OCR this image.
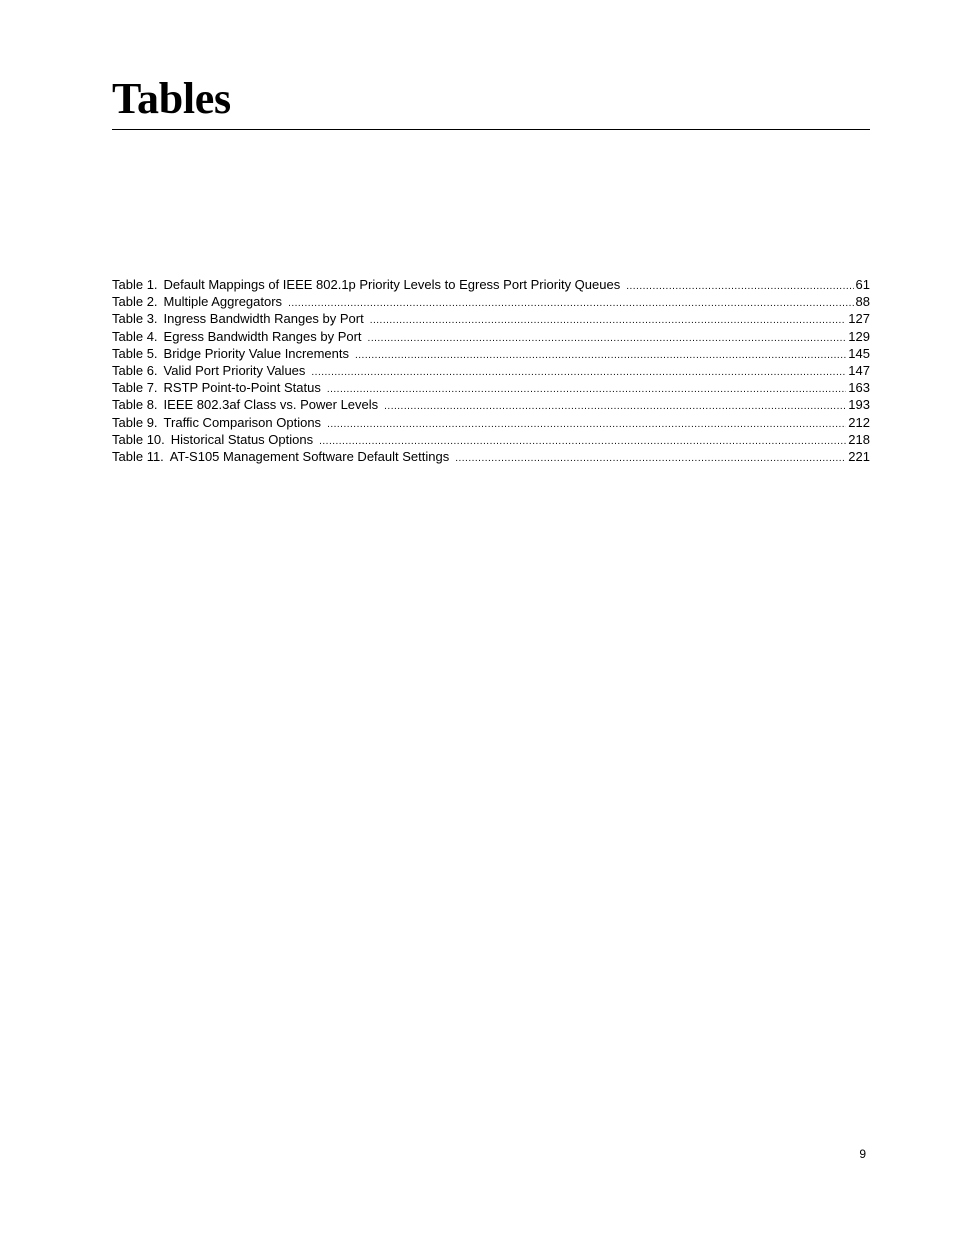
Tables
Table 1. Default Mappings of IEEE 802.1p Priority Levels to Egress Port Priority Queues .....	61
Table 2. Multiple Aggregators .....	88
Table 3. Ingress Bandwidth Ranges by Port .....	127
Table 4. Egress Bandwidth Ranges by Port .....	129
Table 5. Bridge Priority Value Increments .....	145
Table 6. Valid Port Priority Values .....	147
Table 7. RSTP Point-to-Point Status .....	163
Table 8. IEEE 802.3af Class vs. Power Levels .....	193
Table 9. Traffic Comparison Options .....	212
Table 10. Historical Status Options .....	218
Table 11. AT-S105 Management Software Default Settings .....	221
9
